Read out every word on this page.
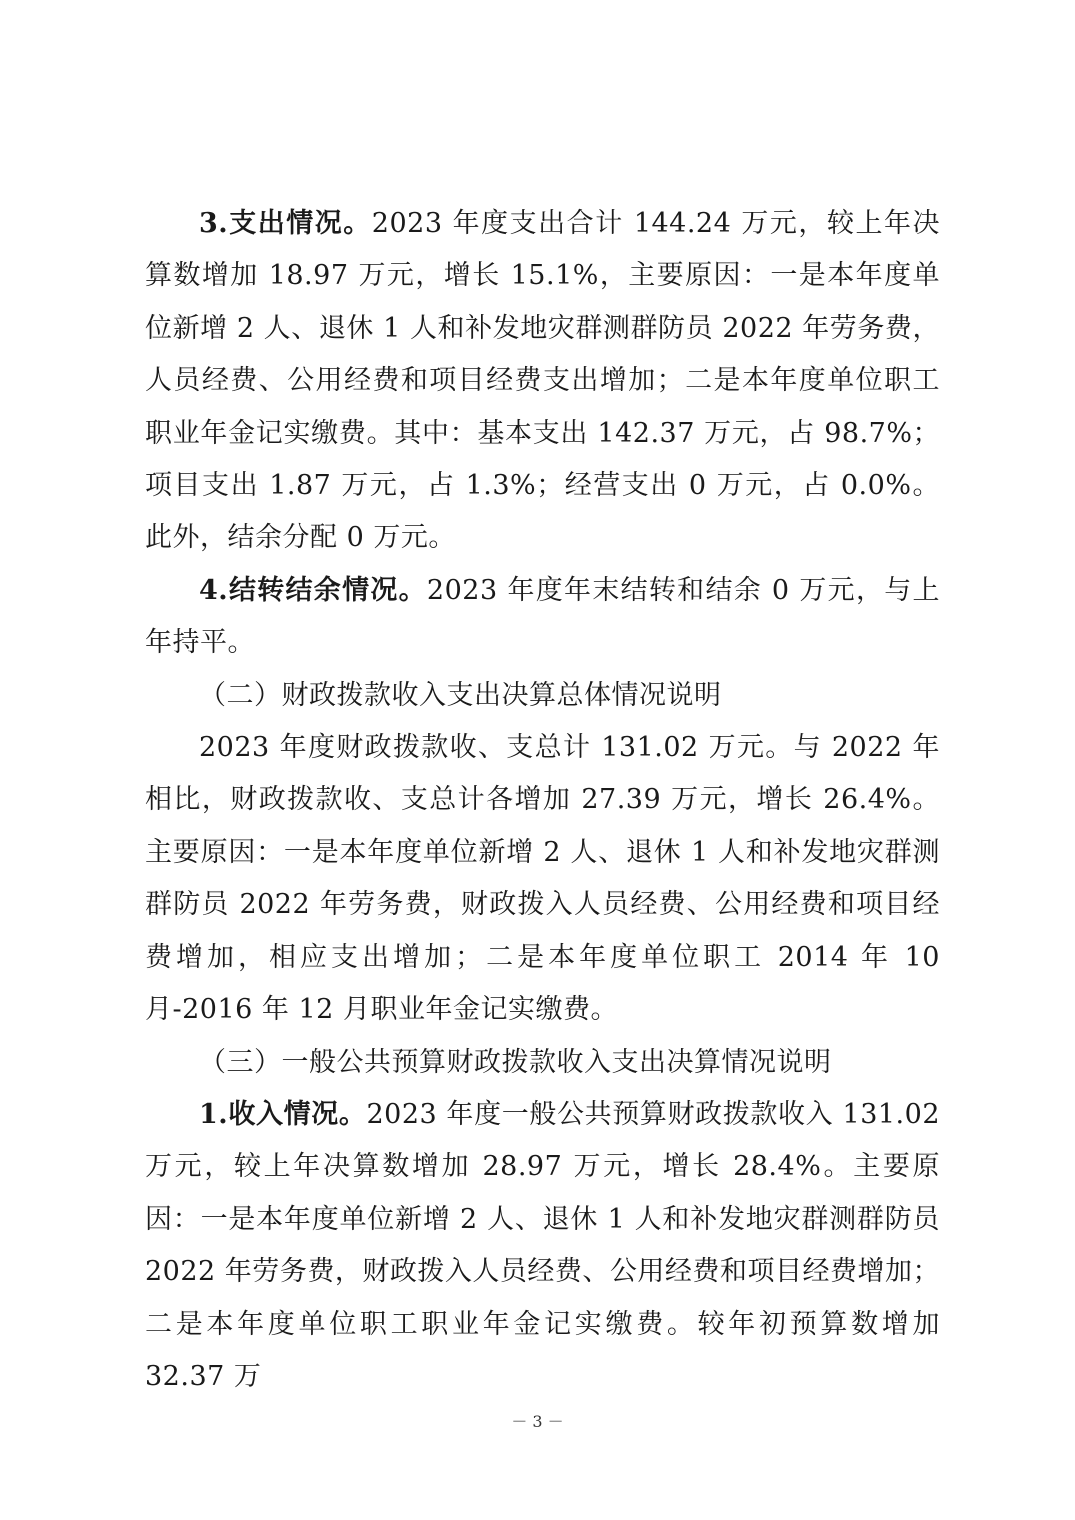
3.支出情况。2023 年度支出合计 144.24 万元，较上年决算数增加 18.97 万元，增长 15.1%，主要原因：一是本年度单位新增 2 人、退休 1 人和补发地灾群测群防员 2022 年劳务费，人员经费、公用经费和项目经费支出增加；二是本年度单位职工职业年金记实缴费。其中：基本支出 142.37 万元，占 98.7%；项目支出 1.87 万元，占 1.3%；经营支出 0 万元，占 0.0%。此外，结余分配 0 万元。

4.结转结余情况。2023 年度年末结转和结余 0 万元，与上年持平。

（二）财政拨款收入支出决算总体情况说明

2023 年度财政拨款收、支总计 131.02 万元。与 2022 年相比，财政拨款收、支总计各增加 27.39 万元，增长 26.4%。主要原因：一是本年度单位新增 2 人、退休 1 人和补发地灾群测群防员 2022 年劳务费，财政拨入人员经费、公用经费和项目经费增加，相应支出增加；二是本年度单位职工 2014 年 10 月-2016 年 12 月职业年金记实缴费。

（三）一般公共预算财政拨款收入支出决算情况说明

1.收入情况。2023 年度一般公共预算财政拨款收入 131.02 万元，较上年决算数增加 28.97 万元，增长 28.4%。主要原因：一是本年度单位新增 2 人、退休 1 人和补发地灾群测群防员 2022 年劳务费，财政拨入人员经费、公用经费和项目经费增加；二是本年度单位职工职业年金记实缴费。较年初预算数增加 32.37 万

－ 3 －
